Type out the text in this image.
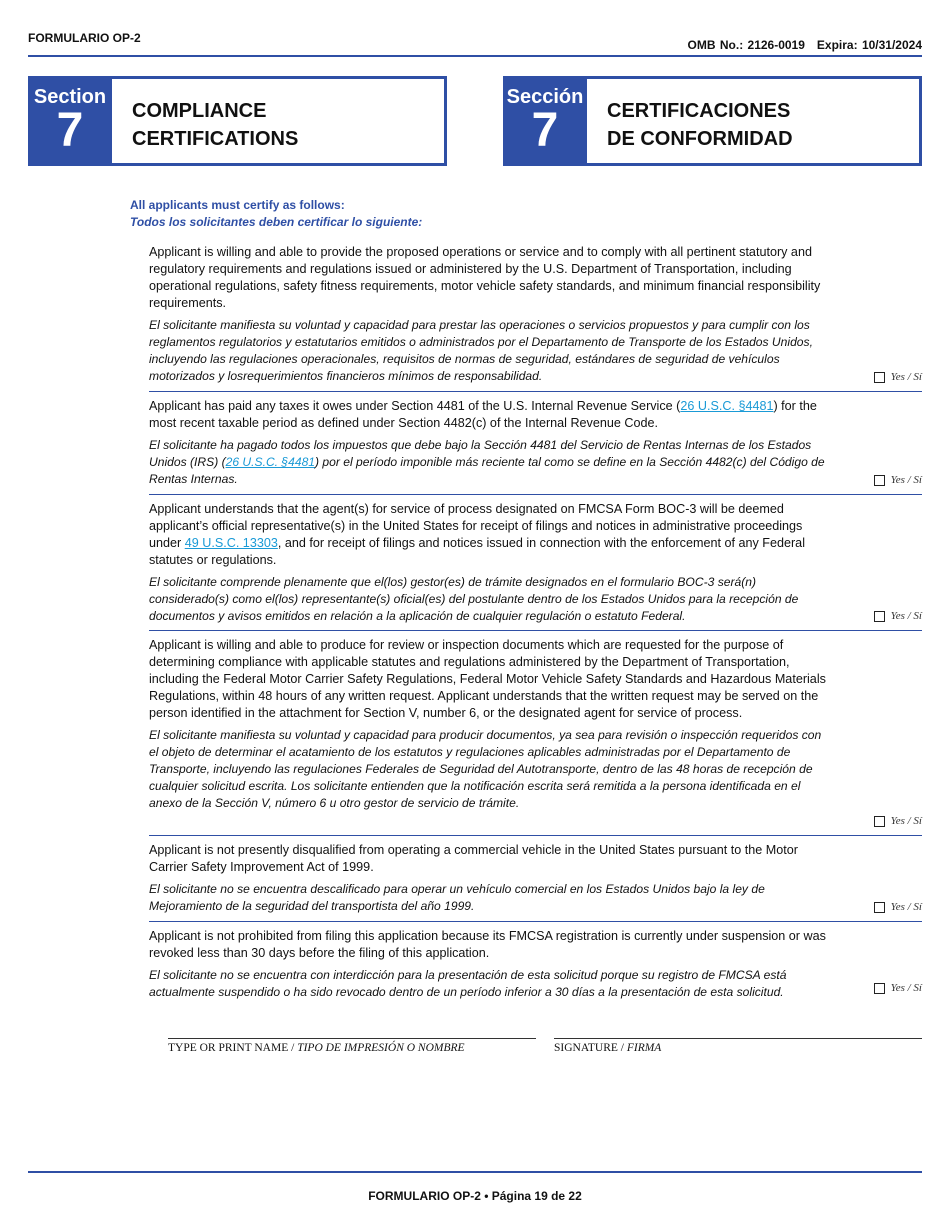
FORMULARIO OP-2	OMB No.: 2126-0019 Expira: 10/31/2024
Section
7	COMPLIANCE
CERTIFICATIONS
Sección
7	CERTIFICACIONES
DE CONFORMIDAD
All applicants must certify as follows:
Todos los solicitantes deben certificar lo siguiente:
Applicant is willing and able to provide the proposed operations or service and to comply with all pertinent statutory and regulatory requirements and regulations issued or administered by the U.S. Department of Transportation, including operational regulations, safety fitness requirements, motor vehicle safety standards, and minimum financial responsibility requirements.
El solicitante manifiesta su voluntad y capacidad para prestar las operaciones o servicios propuestos y para cumplir con los reglamentos regulatorios y estatutarios emitidos o administrados por el Departamento de Transporte de los Estados Unidos, incluyendo las regulaciones operacionales, requisitos de normas de seguridad, estándares de seguridad de vehículos motorizados y losrequerimientos financieros mínimos de responsabilidad.	Yes / Sí
Applicant has paid any taxes it owes under Section 4481 of the U.S. Internal Revenue Service (26 U.S.C. §4481) for the most recent taxable period as defined under Section 4482(c) of the Internal Revenue Code.
El solicitante ha pagado todos los impuestos que debe bajo la Sección 4481 del Servicio de Rentas Internas de los Estados Unidos (IRS) (26 U.S.C. §4481) por el período imponible más reciente tal como se define en la Sección 4482(c) del Código de Rentas Internas.	Yes / Sí
Applicant understands that the agent(s) for service of process designated on FMCSA Form BOC-3 will be deemed applicant’s official representative(s) in the United States for receipt of filings and notices in administrative proceedings under 49 U.S.C. 13303, and for receipt of filings and notices issued in connection with the enforcement of any Federal statutes or regulations.
El solicitante comprende plenamente que el(los) gestor(es) de trámite designados en el formulario BOC-3 será(n) considerado(s) como el(los) representante(s) oficial(es) del postulante dentro de los Estados Unidos para la recepción de documentos y avisos emitidos en relación a la aplicación de cualquier regulación o estatuto Federal.	Yes / Sí
Applicant is willing and able to produce for review or inspection documents which are requested for the purpose of determining compliance with applicable statutes and regulations administered by the Department of Transportation, including the Federal Motor Carrier Safety Regulations, Federal Motor Vehicle Safety Standards and Hazardous Materials Regulations, within 48 hours of any written request. Applicant understands that the written request may be served on the person identified in the attachment for Section V, number 6, or the designated agent for service of process.
El solicitante manifiesta su voluntad y capacidad para producir documentos, ya sea para revisión o inspección requeridos con el objeto de determinar el acatamiento de los estatutos y regulaciones aplicables administradas por el Departamento de Transporte, incluyendo las regulaciones Federales de Seguridad del Autotransporte, dentro de las 48 horas de recepción de cualquier solicitud escrita. Los solicitante entienden que la notificación escrita será remitida a la persona identificada en el anexo de la Sección V, número 6 u otro gestor de servicio de trámite.
Yes / Sí
Applicant is not presently disqualified from operating a commercial vehicle in the United States pursuant to the Motor Carrier Safety Improvement Act of 1999.
El solicitante no se encuentra descalificado para operar un vehículo comercial en los Estados Unidos bajo la ley de Mejoramiento de la seguridad del transportista del año 1999.	Yes / Sí
Applicant is not prohibited from filing this application because its FMCSA registration is currently under suspension or was revoked less than 30 days before the filing of this application.
El solicitante no se encuentra con interdicción para la presentación de esta solicitud porque su registro de FMCSA está actualmente suspendido o ha sido revocado dentro de un período inferior a 30 días a la presentación de esta solicitud.	Yes / Sí
TYPE OR PRINT NAME / TIPO DE IMPRESIÓN O NOMBRE	SIGNATURE / FIRMA
FORMULARIO OP-2 • Página 19 de 22
